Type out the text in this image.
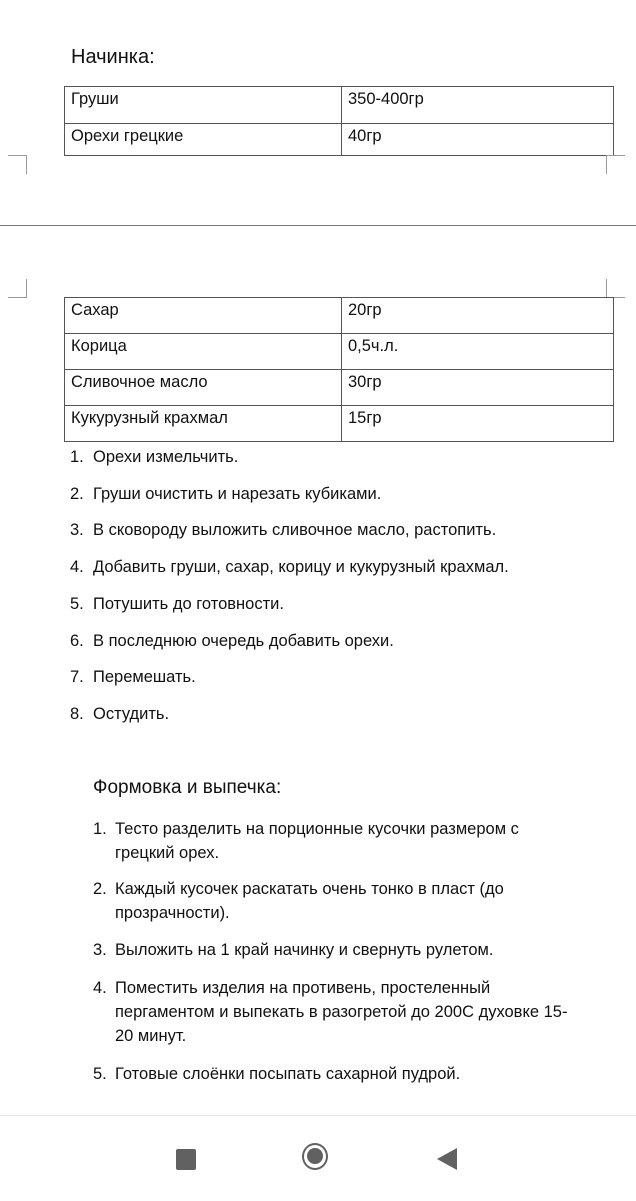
Начинка:
Груши	350-400гр
Орехи грецкие	40гр
Сахар	20гр
Корица	0,5ч.л.
Сливочное масло	30гр
Кукурузный крахмал	15гр
1. Орехи измельчить.
2. Груши очистить и нарезать кубиками.
3. В сковороду выложить сливочное масло, растопить.
4. Добавить груши, сахар, корицу и кукурузный крахмал.
5. Потушить до готовности.
6. В последнюю очередь добавить орехи.
7. Перемешать.
8. Остудить.
Формовка и выпечка:
1. Тесто разделить на порционные кусочки размером с
грецкий орех.
2. Каждый кусочек раскатать очень тонко в пласт (до
прозрачности).
3. Выложить на 1 край начинку и свернуть рулетом.
4. Поместить изделия на противень, простеленный
пергаментом и выпекать в разогретой до 200С духовке 15-
20 минут.
5. Готовые слоёнки посыпать сахарной пудрой.
